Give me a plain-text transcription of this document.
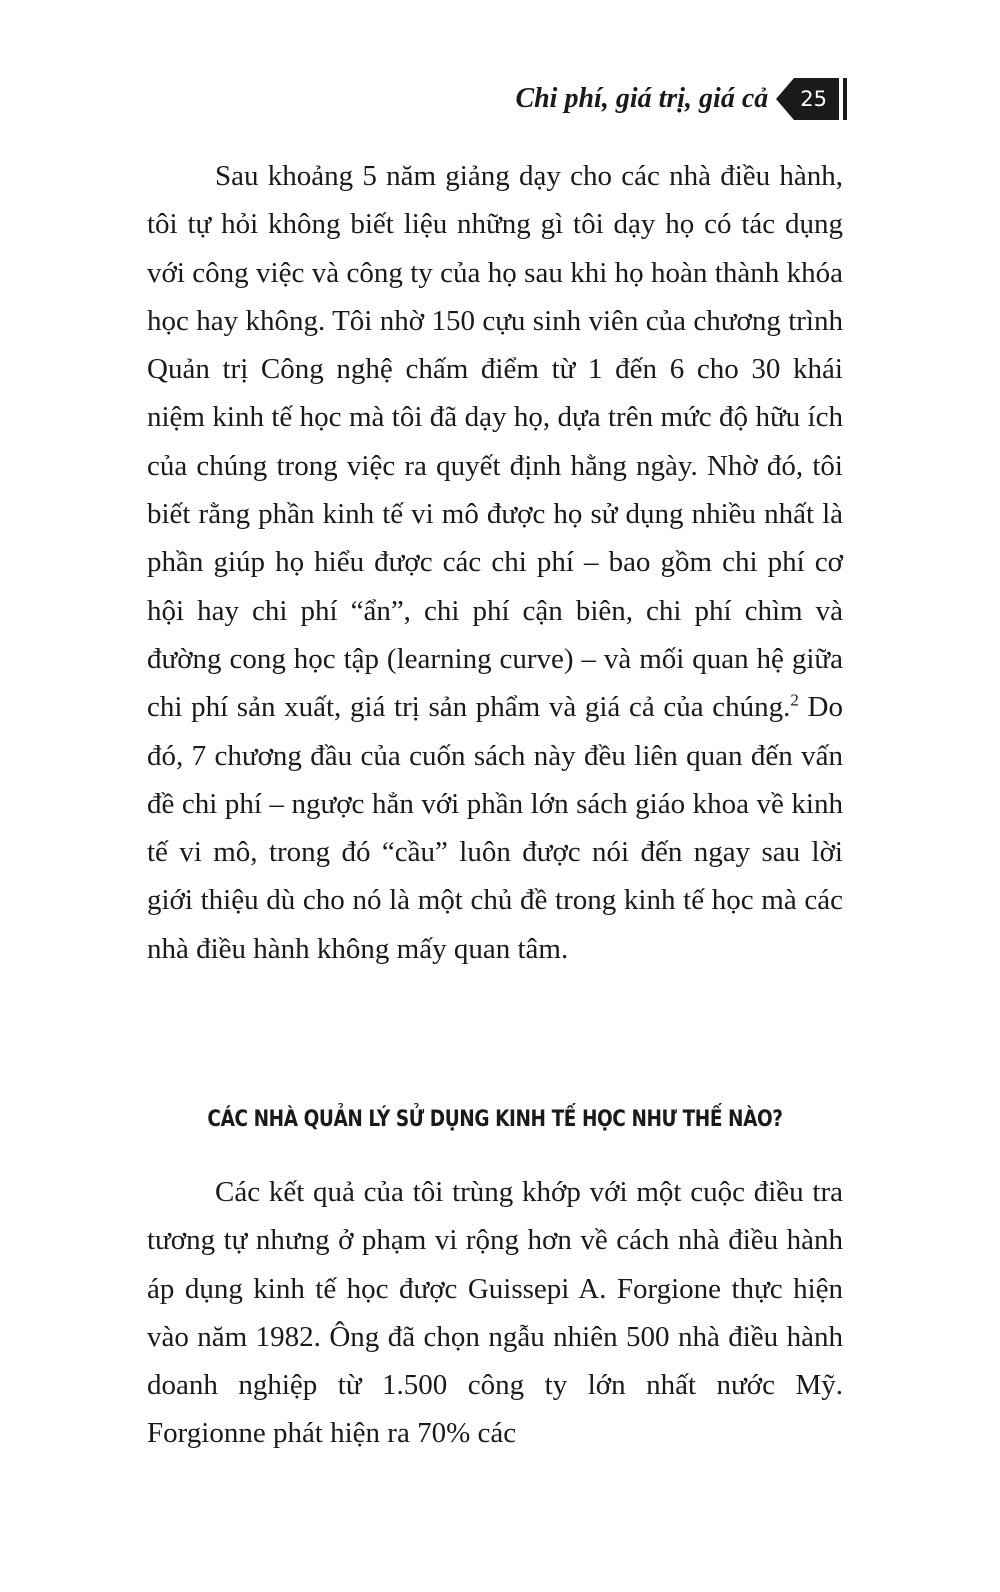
Chi phí, giá trị, giá cả 25

Sau khoảng 5 năm giảng dạy cho các nhà điều hành, tôi tự hỏi không biết liệu những gì tôi dạy họ có tác dụng với công việc và công ty của họ sau khi họ hoàn thành khóa học hay không. Tôi nhờ 150 cựu sinh viên của chương trình Quản trị Công nghệ chấm điểm từ 1 đến 6 cho 30 khái niệm kinh tế học mà tôi đã dạy họ, dựa trên mức độ hữu ích của chúng trong việc ra quyết định hằng ngày. Nhờ đó, tôi biết rằng phần kinh tế vi mô được họ sử dụng nhiều nhất là phần giúp họ hiểu được các chi phí – bao gồm chi phí cơ hội hay chi phí “ẩn”, chi phí cận biên, chi phí chìm và đường cong học tập (learning curve) – và mối quan hệ giữa chi phí sản xuất, giá trị sản phẩm và giá cả của chúng.$^2$ Do đó, 7 chương đầu của cuốn sách này đều liên quan đến vấn đề chi phí – ngược hẳn với phần lớn sách giáo khoa về kinh tế vi mô, trong đó “cầu” luôn được nói đến ngay sau lời giới thiệu dù cho nó là một chủ đề trong kinh tế học mà các nhà điều hành không mấy quan tâm.

CÁC NHÀ QUẢN LÝ SỬ DỤNG KINH TẾ HỌC NHƯ THẾ NÀO?

Các kết quả của tôi trùng khớp với một cuộc điều tra tương tự nhưng ở phạm vi rộng hơn về cách nhà điều hành áp dụng kinh tế học được Guissepi A. Forgione thực hiện vào năm 1982. Ông đã chọn ngẫu nhiên 500 nhà điều hành doanh nghiệp từ 1.500 công ty lớn nhất nước Mỹ. Forgionne phát hiện ra 70% các
